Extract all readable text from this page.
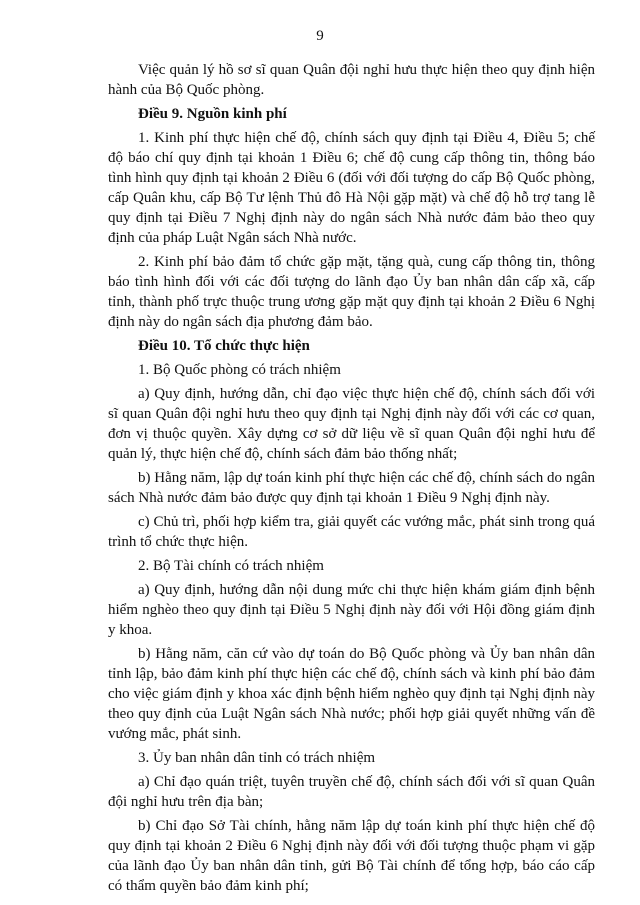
9

Việc quản lý hồ sơ sĩ quan Quân đội nghỉ hưu thực hiện theo quy định hiện hành của Bộ Quốc phòng.

Điều 9. Nguồn kinh phí

1. Kinh phí thực hiện chế độ, chính sách quy định tại Điều 4, Điều 5; chế độ báo chí quy định tại khoản 1 Điều 6; chế độ cung cấp thông tin, thông báo tình hình quy định tại khoản 2 Điều 6 (đối với đối tượng do cấp Bộ Quốc phòng, cấp Quân khu, cấp Bộ Tư lệnh Thủ đô Hà Nội gặp mặt) và chế độ hỗ trợ tang lễ quy định tại Điều 7 Nghị định này do ngân sách Nhà nước đảm bảo theo quy định của pháp Luật Ngân sách Nhà nước.

2. Kinh phí bảo đảm tổ chức gặp mặt, tặng quà, cung cấp thông tin, thông báo tình hình đối với các đối tượng do lãnh đạo Ủy ban nhân dân cấp xã, cấp tỉnh, thành phố trực thuộc trung ương gặp mặt quy định tại khoản 2 Điều 6 Nghị định này do ngân sách địa phương đảm bảo.

Điều 10. Tổ chức thực hiện

1. Bộ Quốc phòng có trách nhiệm

a) Quy định, hướng dẫn, chỉ đạo việc thực hiện chế độ, chính sách đối với sĩ quan Quân đội nghỉ hưu theo quy định tại Nghị định này đối với các cơ quan, đơn vị thuộc quyền. Xây dựng cơ sở dữ liệu về sĩ quan Quân đội nghỉ hưu để quản lý, thực hiện chế độ, chính sách đảm bảo thống nhất;

b) Hằng năm, lập dự toán kinh phí thực hiện các chế độ, chính sách do ngân sách Nhà nước đảm bảo được quy định tại khoản 1 Điều 9 Nghị định này.

c) Chủ trì, phối hợp kiểm tra, giải quyết các vướng mắc, phát sinh trong quá trình tổ chức thực hiện.

2. Bộ Tài chính có trách nhiệm

a) Quy định, hướng dẫn nội dung mức chi thực hiện khám giám định bệnh hiểm nghèo theo quy định tại Điều 5 Nghị định này đối với Hội đồng giám định y khoa.

b) Hằng năm, căn cứ vào dự toán do Bộ Quốc phòng và Ủy ban nhân dân tỉnh lập, bảo đảm kinh phí thực hiện các chế độ, chính sách và kinh phí bảo đảm cho việc giám định y khoa xác định bệnh hiểm nghèo quy định tại Nghị định này theo quy định của Luật Ngân sách Nhà nước; phối hợp giải quyết những vấn đề vướng mắc, phát sinh.

3. Ủy ban nhân dân tỉnh có trách nhiệm

a) Chỉ đạo quán triệt, tuyên truyền chế độ, chính sách đối với sĩ quan Quân đội nghỉ hưu trên địa bàn;

b) Chỉ đạo Sở Tài chính, hằng năm lập dự toán kinh phí thực hiện chế độ quy định tại khoản 2 Điều 6 Nghị định này đối với đối tượng thuộc phạm vi gặp của lãnh đạo Ủy ban nhân dân tỉnh, gửi Bộ Tài chính để tổng hợp, báo cáo cấp có thẩm quyền bảo đảm kinh phí;
